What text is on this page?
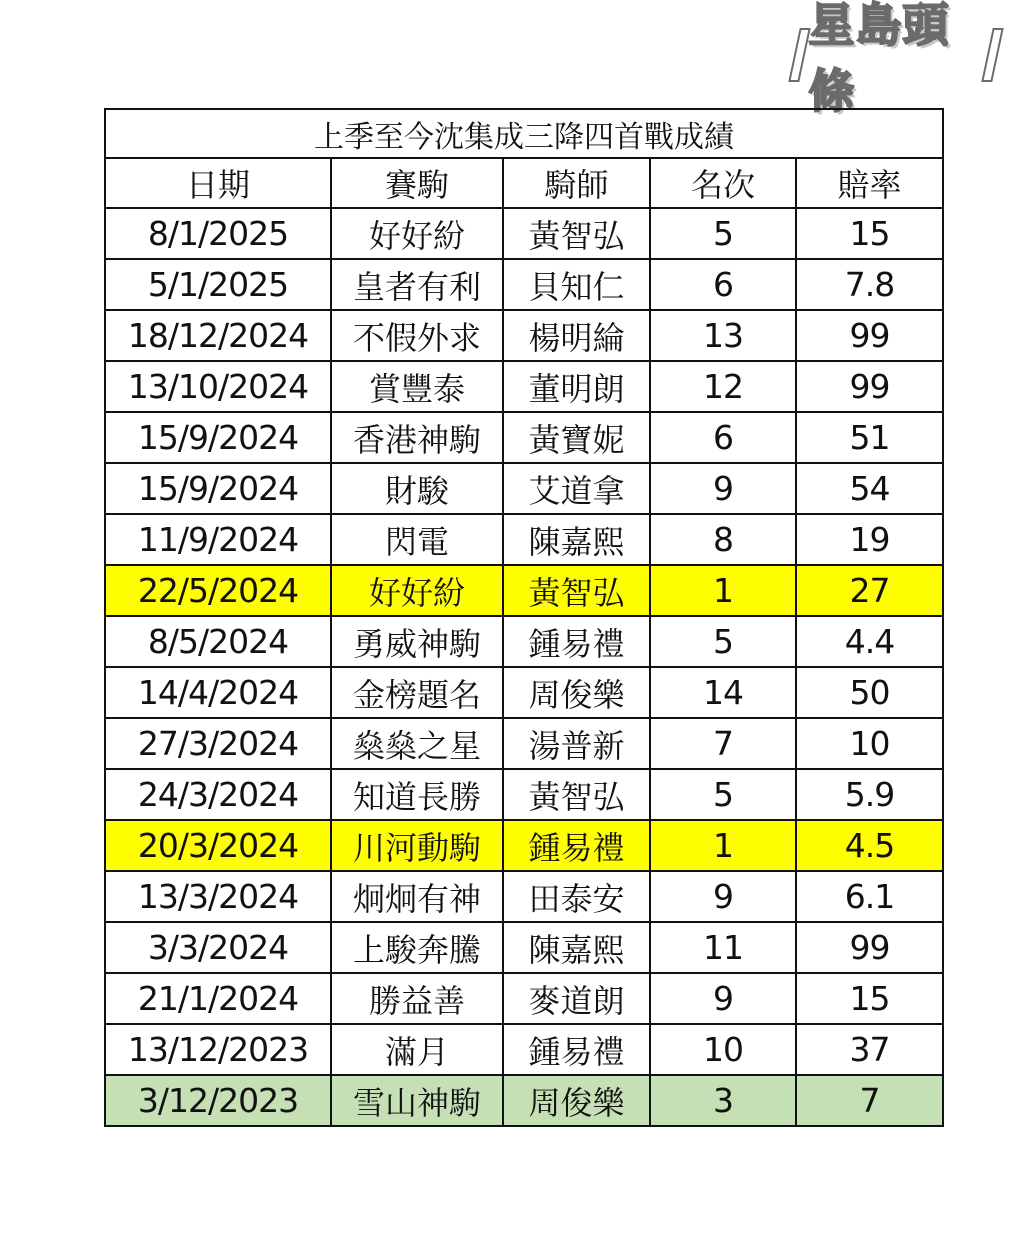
星島頭條
上季至今沈集成三降四首戰成績				
日期	賽駒	騎師	名次	賠率
8/1/2025	好好紛	黃智弘	5	15
5/1/2025	皇者有利	貝知仁	6	7.8
18/12/2024	不假外求	楊明綸	13	99
13/10/2024	賞豐泰	董明朗	12	99
15/9/2024	香港神駒	黃寶妮	6	51
15/9/2024	財駿	艾道拿	9	54
11/9/2024	閃電	陳嘉熙	8	19
22/5/2024	好好紛	黃智弘	1	27
8/5/2024	勇威神駒	鍾易禮	5	4.4
14/4/2024	金榜題名	周俊樂	14	50
27/3/2024	燊燊之星	湯普新	7	10
24/3/2024	知道長勝	黃智弘	5	5.9
20/3/2024	川河動駒	鍾易禮	1	4.5
13/3/2024	炯炯有神	田泰安	9	6.1
3/3/2024	上駿奔騰	陳嘉熙	11	99
21/1/2024	勝益善	麥道朗	9	15
13/12/2023	滿月	鍾易禮	10	37
3/12/2023	雪山神駒	周俊樂	3	7
